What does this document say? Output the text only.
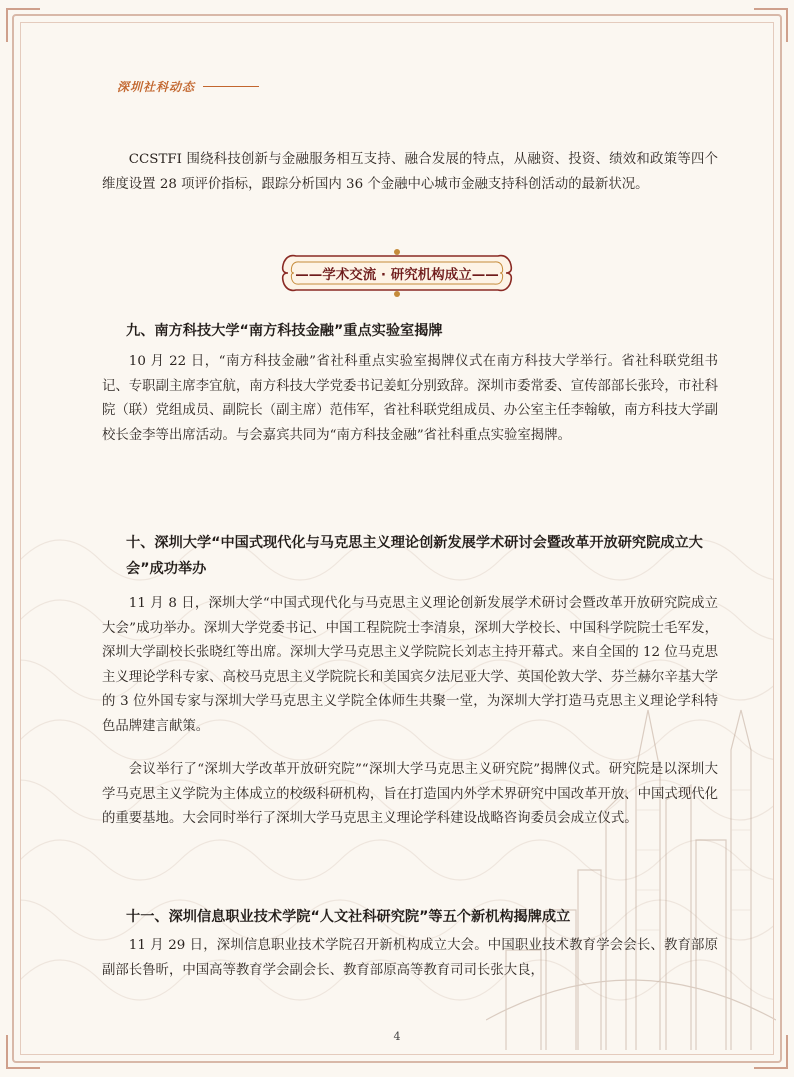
深圳社科动态

CCSTFI 围绕科技创新与金融服务相互支持、融合发展的特点，从融资、投资、绩效和政策等四个维度设置 28 项评价指标，跟踪分析国内 36 个金融中心城市金融支持科创活动的最新状况。

——学术交流 · 研究机构成立——
九、南方科技大学“南方科技金融”重点实验室揭牌

10 月 22 日，“南方科技金融”省社科重点实验室揭牌仪式在南方科技大学举行。省社科联党组书记、专职副主席李宜航，南方科技大学党委书记姜虹分别致辞。深圳市委常委、宣传部部长张玲，市社科院（联）党组成员、副院长（副主席）范伟军，省社科联党组成员、办公室主任李翰敏，南方科技大学副校长金李等出席活动。与会嘉宾共同为“南方科技金融”省社科重点实验室揭牌。

十、深圳大学“中国式现代化与马克思主义理论创新发展学术研讨会暨改革开放研究院成立大会”成功举办

11 月 8 日，深圳大学“中国式现代化与马克思主义理论创新发展学术研讨会暨改革开放研究院成立大会”成功举办。深圳大学党委书记、中国工程院院士李清泉，深圳大学校长、中国科学院院士毛军发，深圳大学副校长张晓红等出席。深圳大学马克思主义学院院长刘志主持开幕式。来自全国的 12 位马克思主义理论学科专家、高校马克思主义学院院长和美国宾夕法尼亚大学、英国伦敦大学、芬兰赫尔辛基大学的 3 位外国专家与深圳大学马克思主义学院全体师生共聚一堂，为深圳大学打造马克思主义理论学科特色品牌建言献策。

会议举行了“深圳大学改革开放研究院”“深圳大学马克思主义研究院”揭牌仪式。研究院是以深圳大学马克思主义学院为主体成立的校级科研机构，旨在打造国内外学术界研究中国改革开放、中国式现代化的重要基地。大会同时举行了深圳大学马克思主义理论学科建设战略咨询委员会成立仪式。

十一、深圳信息职业技术学院“人文社科研究院”等五个新机构揭牌成立

11 月 29 日，深圳信息职业技术学院召开新机构成立大会。中国职业技术教育学会会长、教育部原副部长鲁昕，中国高等教育学会副会长、教育部原高等教育司司长张大良，

4
